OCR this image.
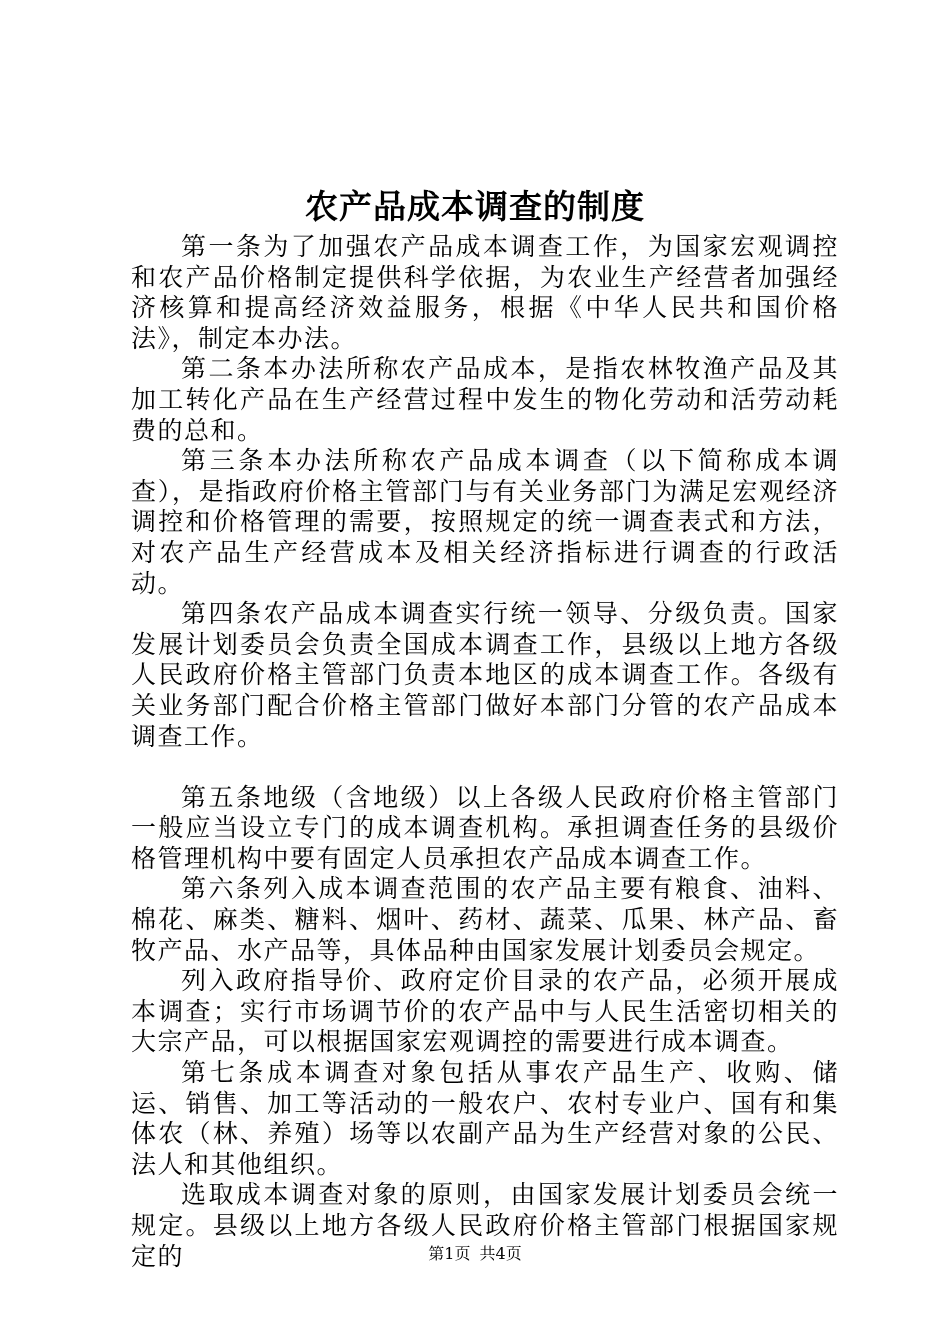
农产品成本调查的制度

第一条为了加强农产品成本调查工作，为国家宏观调控和农产品价格制定提供科学依据，为农业生产经营者加强经济核算和提高经济效益服务，根据《中华人民共和国价格法》，制定本办法。

第二条本办法所称农产品成本，是指农林牧渔产品及其加工转化产品在生产经营过程中发生的物化劳动和活劳动耗费的总和。

第三条本办法所称农产品成本调查（以下简称成本调查），是指政府价格主管部门与有关业务部门为满足宏观经济调控和价格管理的需要，按照规定的统一调查表式和方法，对农产品生产经营成本及相关经济指标进行调查的行政活动。

第四条农产品成本调查实行统一领导、分级负责。国家发展计划委员会负责全国成本调查工作，县级以上地方各级人民政府价格主管部门负责本地区的成本调查工作。各级有关业务部门配合价格主管部门做好本部门分管的农产品成本调查工作。

第五条地级（含地级）以上各级人民政府价格主管部门一般应当设立专门的成本调查机构。承担调查任务的县级价格管理机构中要有固定人员承担农产品成本调查工作。

第六条列入成本调查范围的农产品主要有粮食、油料、棉花、麻类、糖料、烟叶、药材、蔬菜、瓜果、林产品、畜牧产品、水产品等，具体品种由国家发展计划委员会规定。

列入政府指导价、政府定价目录的农产品，必须开展成本调查；实行市场调节价的农产品中与人民生活密切相关的大宗产品，可以根据国家宏观调控的需要进行成本调查。

第七条成本调查对象包括从事农产品生产、收购、储运、销售、加工等活动的一般农户、农村专业户、国有和集体农（林、养殖）场等以农副产品为生产经营对象的公民、法人和其他组织。

选取成本调查对象的原则，由国家发展计划委员会统一规定。县级以上地方各级人民政府价格主管部门根据国家规定的	第1页 共4页
